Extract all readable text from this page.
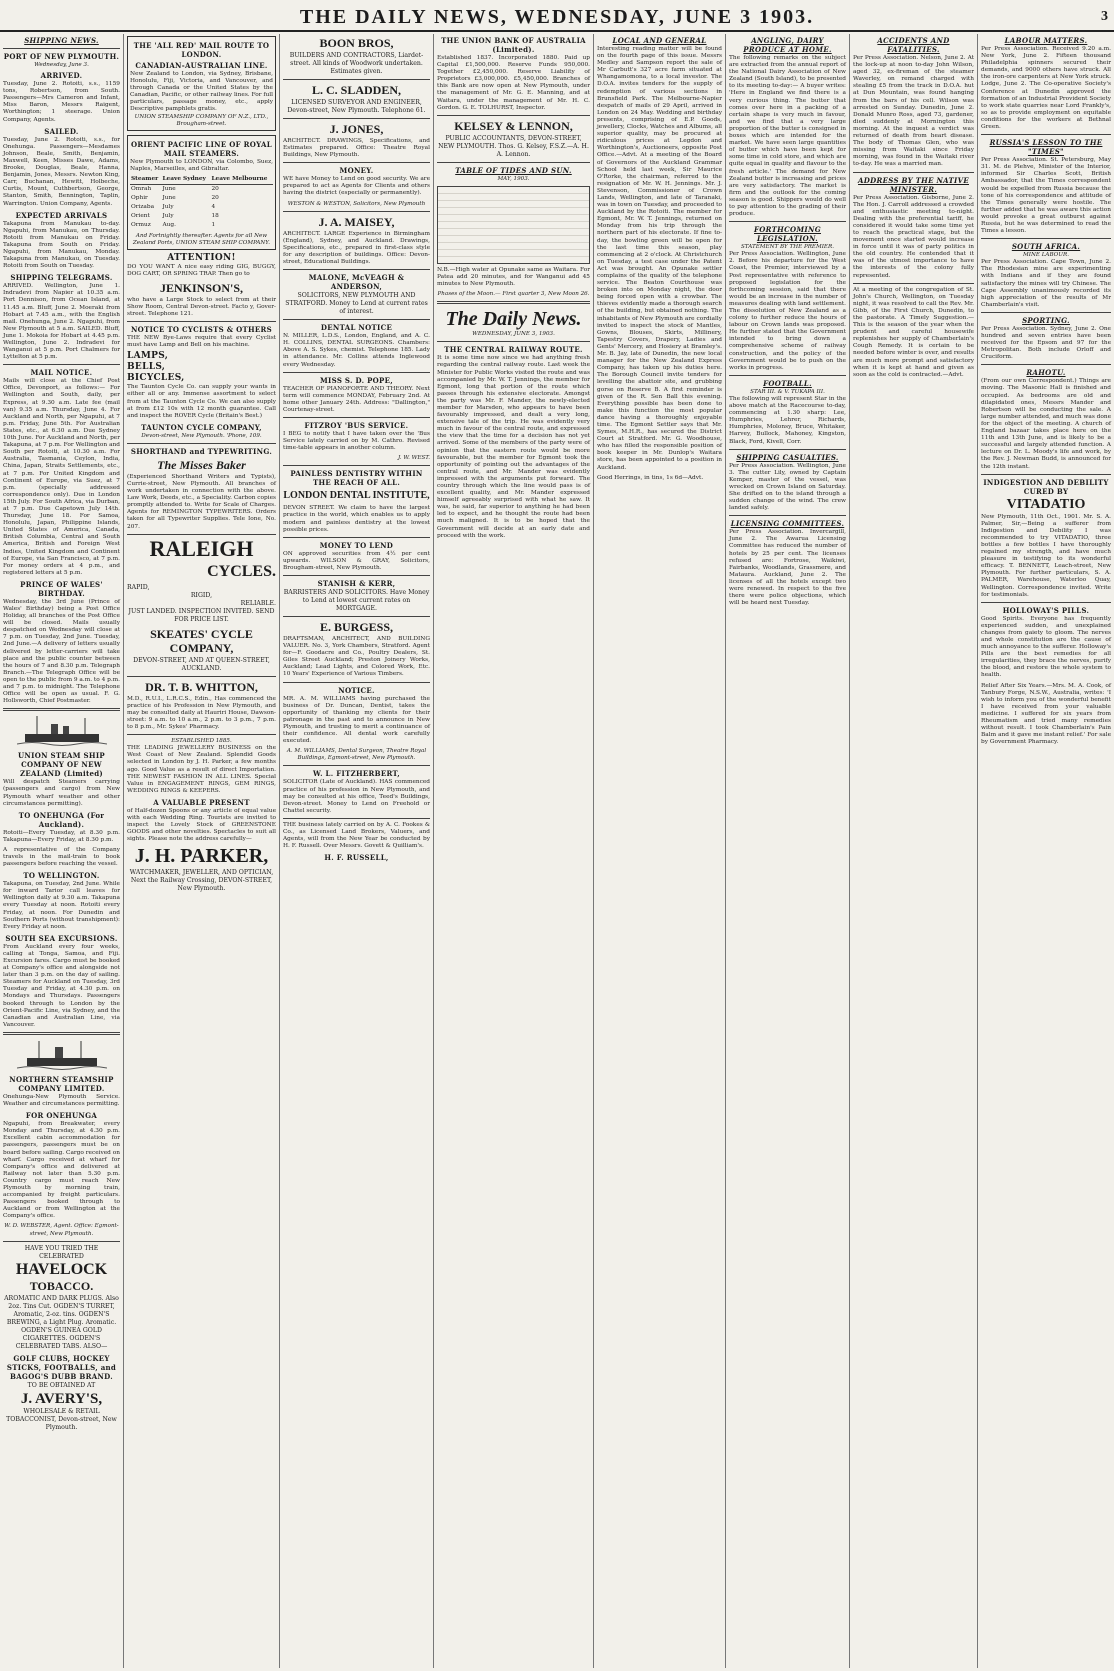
THE DAILY NEWS, WEDNESDAY, JUNE 3 1903.	3
SHIPPING NEWS.
PORT OF NEW PLYMOUTH.
Wednesday, June 3.
ARRIVED.
Tuesday, June 2. Rotoiti, s.s., 1159 tons, Robertson, from South. Passengers—Mrs Cameron and Infant, Miss Baron, Messrs Raigent, Worthington; 1 steerage. Union Company, Agents.
SAILED.
Tuesday, June 2. Rotoiti, s.s., for Onehunga. Passengers—Mesdames Johnson, Beale, Smith, Benjamin, Maxwell, Keen, Misses Dawe, Adams, Brooke, Douglas, Beale, Hanna, Benjamin, Jones, Messrs. Newton King, Carr, Buchanan, Hewitt, Holbeche, Curtis, Mount, Cuthbertson, George, Stanton, Smith, Bennington, Taplin, Warrington. Union Company, Agents.
EXPECTED ARRIVALS
Takapuna from Manukau to-day. Ngapuhi, from Manukau, on Thursday. Rotoiti from Manukau on Friday. Takapuna from South on Friday. Ngapuhi, from Manukau, Monday. Takapuna from Manukau, on Tuesday. Rotoiti from South on Tuesday.
SHIPPING TELEGRAMS.
ARRIVED. Wellington, June 1. Indradevi from Napier at 10.35 a.m. Port Dennison, from Ocean Island, at 11.45 a.m. Bluff, June 2. Moeraki from Hobart at 7.45 a.m., with the English mail. Onehunga, June 2. Ngapuhi, from New Plymouth at 5 a.m. SAILED. Bluff, June 1. Mokoia for Hobart at 4.45 p.m. Wellington, June 2. Indradevi for Wanganui at 5 p.m. Port Chalmers for Lyttelton at 5 p.m.
MAIL NOTICE.
Mails will close at the Chief Post Office, Devonport, as follows:— For Wellington and South, daily, per Express, at 9.30 a.m. Late fee (mail van) 9.35 a.m. Thursday, June 4. For Auckland and North, per Ngapuhi, at 7 p.m. Friday, June 5th. For Australian States, etc., at 6.30 a.m. Due Sydney 10th June. For Auckland and North, per Takapuna, at 7 p.m. For Wellington and South per Rotoiti, at 10.30 a.m. For Australia, Tasmania, Ceylon, India, China, Japan, Straits Settlements, etc., at 7 p.m. For United Kingdom and Continent of Europe, via Suez, at 7 p.m. (specially addressed correspondence only). Due in London 15th July. For South Africa, via Durban, at 7 p.m. Due Capetown July 14th. Thursday, June 18. For Samoa, Honolulu, Japan, Philippine Islands, United States of America, Canada, British Columbia, Central and South America, British and Foreign West Indies, United Kingdom and Continent of Europe, via San Francisco, at 7 p.m. For money orders at 4 p.m., and registered letters at 5 p.m.
PRINCE OF WALES' BIRTHDAY.
Wednesday, the 3rd June (Prince of Wales' Birthday) being a Post Office Holiday, all branches of the Post Office will be closed. Mails usually despatched on Wednesday will close at 7 p.m. on Tuesday, 2nd June. Tuesday, 2nd June.—A delivery of letters usually delivered by letter-carriers will take place and the public counter between the hours of 7 and 8.30 p.m. Telegraph Branch.—The Telegraph Office will be open to the public from 9 a.m. to 4 p.m. and 7 p.m. to midnight. The Telephone Office will be open as usual. F. G. Hollsworth, Chief Postmaster.
UNION STEAM SHIP COMPANY OF NEW ZEALAND (Limited)
Will despatch Steamers carrying (passengers and cargo) from New Plymouth wharf weather and other circumstances permitting).
TO ONEHUNGA (For Auckland).
Rotoiti—Every Tuesday, at 8.30 p.m. Takapuna—Every Friday, at 8.30 p.m.
A representative of the Company travels in the mail-train to book passengers before reaching the vessel.
TO WELLINGTON.
Takapuna, on Tuesday, 2nd June. While for inward Tarior call leaves for Wellington daily at 9.30 a.m. Takapuna every Tuesday at noon. Rotoiti every Friday, at noon. For Dunedin and Southern Ports (without transhipment): Every Friday at noon.
SOUTH SEA EXCURSIONS.
From Auckland every four weeks, calling at Tonga, Samoa, and Fiji. Excursion fares. Cargo must be booked at Company's office and alongside not later than 3 p.m. on the day of sailing. Steamers for Auckland on Tuesday, 3rd Tuesday and Friday, at 4.30 p.m. on Mondays and Thursdays. Passengers booked through to London by the Orient-Pacific Line, via Sydney, and the Canadian and Australian Line, via Vancouver.
NORTHERN STEAMSHIP COMPANY LIMITED.
Onehunga-New Plymouth Service. Weather and circumstances permitting.
FOR ONEHUNGA
Ngapuhi, from Breakwater, every Monday and Thursday, at 4.30 p.m. Excellent cabin accommodation for passengers, passengers must be on board before sailing. Cargo received on wharf. Cargo received at wharf for Company's office and delivered at Railway not later than 5.30 p.m. Country cargo must reach New Plymouth by morning train, accompanied by freight particulars. Passengers booked through to Auckland or from Wellington at the Company's office.
W. D. WEBSTER, Agent. Office: Egmont-street, New Plymouth.
HAVE YOU TRIED THE CELEBRATED
HAVELOCK
TOBACCO.
AROMATIC AND DARK PLUGS. Also 2oz. Tins Cut. OGDEN'S TURRET, Aromatic, 2-oz. tins. OGDEN'S BREWING, a Light Plug. Aromatic. OGDEN'S GUINEA GOLD CIGARETTES. OGDEN'S CELEBRATED TABS. ALSO—
GOLF CLUBS, HOCKEY STICKS, FOOTBALLS, and BAGOG'S DUBB BRAND.
TO BE OBTAINED AT
J. AVERY'S,
WHOLESALE & RETAIL TOBACCONIST, Devon-street, New Plymouth.
THE 'ALL RED' MAIL ROUTE TO LONDON.
CANADIAN-AUSTRALIAN LINE.
New Zealand to London, via Sydney, Brisbane, Honolulu, Fiji, Victoria, and Vancouver, and through Canada or the United States by the Canadian, Pacific, or other railway lines. For full particulars, passage money, etc., apply Descriptive pamphlets gratis.
UNION STEAMSHIP COMPANY OF N.Z., LTD., Brougham-street.
ORIENT PACIFIC LINE OF ROYAL MAIL STEAMERS.
New Plymouth to LONDON, via Colombo, Suez, Naples, Marseilles, and Gibraltar.
Steamer	Leave Sydney	Leave Melbourne
Omrah	June	20
Ophir	June	20
Orizaba	July	4
Orient	July	18
Ormuz	Aug.	1
And Fortnightly thereafter. Agents for all New Zealand Ports, UNION STEAM SHIP COMPANY.
ATTENTION!
DO YOU WANT A nice easy riding GIG, BUGGY, DOG CART, OR SPRING TRAP. Then go to
JENKINSON'S,
who have a Large Stock to select from at their Show Room, Central Devon-street. Facto y, Gover-street. Telephone 121.
NOTICE TO CYCLISTS & OTHERS
THE NEW Bye-Laws require that every Cyclist must have Lamp and Bell on his machine.
LAMPS,
BELLS,
BICYCLES,
The Taunton Cycle Co. can supply your wants in either all or any. Immense assortment to select from at the Taunton Cycle Co. We can also supply at from £12 10s with 12 month guarantee. Call and inspect the ROVER Cycle (Britain's Best.)
TAUNTON CYCLE COMPANY,
Devon-street, New Plymouth. 'Phone, 109.
SHORTHAND and TYPEWRITING.
The Misses Baker
(Experienced Shorthand Writers and Typists), Currie-street, New Plymouth. All branches of work undertaken in connection with the above. Law Work, Deeds, etc., a Speciality. Carbon copies promptly attended to. Write for Scale of Charges. Agents for REMINGTON TYPEWRITERS. Orders taken for all Typewriter Supplies. Tele Ione, No. 207.
RALEIGH
CYCLES.
RAPID,
RIGID,
RELIABLE.
JUST LANDED. INSPECTION INVITED. SEND FOR PRICE LIST.
SKEATES' CYCLE COMPANY,
DEVON-STREET, AND AT QUEEN-STREET, AUCKLAND.
DR. T. B. WHITTON,
M.D., R.U.I., L.R.C.S., Edin., Has commenced the practice of his Profession in New Plymouth, and may be consulted daily at Hauriri House, Dawson-street: 9 a.m. to 10 a.m., 2 p.m. to 3 p.m., 7 p.m. to 8 p.m., Mr. Sykes' Pharmacy.
ESTABLISHED 1885.
THE LEADING JEWELLERY BUSINESS on the West Coast of New Zealand. Splendid Goods selected in London by J. H. Parker, a few months ago. Good Value as a result of direct Importation. THE NEWEST FASHION IN ALL LINES. Special Value in ENGAGEMENT RINGS, GEM RINGS, WEDDING RINGS & KEEPERS.
A VALUABLE PRESENT
of Half-dozen Spoons or any article of equal value with each Wedding Ring. Tourists are invited to inspect the Lovely Stock of GREENSTONE GOODS and other novelties. Spectacles to suit all sights. Please note the address carefully—
J. H. PARKER,
WATCHMAKER, JEWELLER, AND OPTICIAN, Next the Railway Crossing, DEVON-STREET, New Plymouth.
BOON BROS,
BUILDERS AND CONTRACTORS, Liardet-street. All kinds of Woodwork undertaken. Estimates given.
L. C. SLADDEN,
LICENSED SURVEYOR AND ENGINEER, Devon-street, New Plymouth. Telephone 61.
J. JONES,
ARCHITECT. DRAWINGS, Specifications, and Estimates prepared. Office: Theatre Royal Buildings, New Plymouth.
MONEY.
WE have Money to Lend on good security. We are prepared to act as Agents for Clients and others having the district (especially or permanently).
WESTON & WESTON, Solicitors, New Plymouth
J. A. MAISEY,
ARCHITECT. LARGE Experience in Birmingham (England), Sydney, and Auckland. Drawings, Specifications, etc., prepared in first-class style for any description of buildings. Office: Devon-street, Educational Buildings.
MALONE, McVEAGH & ANDERSON,
SOLICITORS, NEW PLYMOUTH AND STRATFORD. Money to Lend at current rates of interest.
DENTAL NOTICE
N. MILLER, L.D.S., London, England, and A. C. H. COLLINS, DENTAL SURGEONS. Chambers: Above A. S. Sykes, chemist. Telephone 185. Lady in attendance. Mr. Collins attends Inglewood every Wednesday.
MISS S. D. POPE,
TEACHER OF PIANOFORTE AND THEORY. Next term will commence MONDAY, February 2nd. At home other January 24th. Address: "Dallington," Courtenay-street.
FITZROY 'BUS SERVICE.
I BEG to notify that I have taken over the 'Bus Service lately carried on by M. Cathro. Revised time-table appears in another column.
J. W. WEST.
PAINLESS DENTISTRY WITHIN THE REACH OF ALL.
LONDON DENTAL INSTITUTE,
DEVON STREET. We claim to have the largest practice in the world, which enables us to apply modern and painless dentistry at the lowest possible prices.
MONEY TO LEND
ON approved securities from 4½ per cent upwards. WILSON & GRAY, Solicitors, Brougham-street, New Plymouth.
STANISH & KERR,
BARRISTERS AND SOLICITORS. Have Money to Lend at lowest current rates on MORTGAGE.
E. BURGESS,
DRAFTSMAN, ARCHITECT, AND BUILDING VALUER. No. 3, York Chambers, Stratford. Agent for—F. Goodacre and Co., Poultry Dealers, St. Giles Street Auckland; Preston Joinery Works, Auckland; Lead Lights, and Colored Work, Etc. 10 Years' Experience of Various Timbers.
NOTICE.
MR. A. M. WILLIAMS having purchased the business of Dr. Duncan, Dentist, takes the opportunity of thanking my clients for their patronage in the past and to announce in New Plymouth, and trusting to merit a continuance of their confidence. All dental work carefully executed.
A. M. WILLIAMS, Dental Surgeon, Theatre Royal Buildings, Egmont-street, New Plymouth.
W. L. FITZHERBERT,
SOLICITOR (Late of Auckland). HAS commenced practice of his profession in New Plymouth, and may be consulted at his office, Teed's Buildings, Devon-street. Money to Lend on Freehold or Chattel security.
THE business lately carried on by A. C. Fookes & Co., as Licensed Land Brokers, Valuers, and Agents, will from the New Year be conducted by H. F. Russell. Over Messrs. Govett & Quilliam's.
H. F. RUSSELL,
THE UNION BANK OF AUSTRALIA (Limited).
Established 1837. Incorporated 1880. Paid up Capital £1,500,000. Reserve Funds 950,000. Together £2,450,000. Reserve Liability of Proprietors £3,000,000. £5,450,000. Branches of this Bank are now open at New Plymouth, under the management of Mr. G. E. Manning, and at Waitara, under the management of Mr. H. C. Gordon. G. E. TOLHURST, Inspector.
KELSEY & LENNON,
PUBLIC ACCOUNTANTS, DEVON-STREET, NEW PLYMOUTH. Thos. G. Kelsey, F.S.Z.—A. H. A. Lennon.
TABLE OF TIDES AND SUN.
MAY, 1903.
N.B.—High water at Opunake same as Waitara. For Patea add 20 minutes, and for Wanganui add 45 minutes to New Plymouth.
Phases of the Moon.— First quarter 3, New Moon 26.
The Daily News.
WEDNESDAY, JUNE 3, 1903.
THE CENTRAL RAILWAY ROUTE.
It is some time now since we had anything fresh regarding the central railway route. Last week the Minister for Public Works visited the route and was accompanied by Mr. W. T. Jennings, the member for Egmont, long that portion of the route which passes through his extensive electorate. Amongst the party was Mr. F. Mander, the newly-elected member for Marsden, who appears to have been favourably impressed, and dealt a very long, extensive tale of the trip. He was evidently very much in favour of the central route, and expressed the view that the time for a decision has not yet arrived. Some of the members of the party were of opinion that the eastern route would be more favourable, but the member for Egmont took the opportunity of pointing out the advantages of the central route, and Mr. Mander was evidently impressed with the arguments put forward. The country through which the line would pass is of excellent quality, and Mr. Mander expressed himself agreeably surprised with what he saw. It was, he said, far superior to anything he had been led to expect, and he thought the route had been much maligned. It is to be hoped that the Government will decide at an early date and proceed with the work.
LOCAL AND GENERAL
Interesting reading matter will be found on the fourth page of this issue. Messrs Medley and Sampson report the sale of Mr Carbutt's 327 acre farm situated at Whangamomona, to a local investor. The D.O.A. invites tenders for the supply of redemption of various sections in Brunsfield Park. The Melbourne-Napier despatch of mails of 29 April, arrived in London on 24 May. Wedding and birthday presents, comprising of E.P. Goods, jewellery, Clocks, Watches and Albums, all superior quality, may be procured at ridiculous prices at Legdon and Worthington's, Auctioneers, opposite Post Office.—Advt. At a meeting of the Board of Governors of the Auckland Grammar School held last week, Sir Maurice O'Rorke, the chairman, referred to the resignation of Mr. W. H. Jennings. Mr. J. Stevenson, Commissioner of Crown Lands, Wellington, and late of Taranaki, was in town on Tuesday, and proceeded to Auckland by the Rotoiti. The member for Egmont, Mr. W. T. Jennings, returned on Monday from his trip through the northern part of his electorate. If fine to-day, the bowling green will be open for the last time this season, play commencing at 2 o'clock. At Christchurch on Tuesday, a test case under the Patent Act was brought. An Opunake settler complains of the quality of the telephone service. The Beaton Courthouse was broken into on Monday night, the door being forced open with a crowbar. The thieves evidently made a thorough search of the building, but obtained nothing. The inhabitants of New Plymouth are cordially invited to inspect the stock of Mantles, Gowns, Blouses, Skirts, Millinery, Tapestry Covers, Drapery, Ladies and Gents' Mercery, and Hosiery at Bramley's. Mr. B. Jay, late of Dunedin, the new local manager for the New Zealand Express Company, has taken up his duties here. The Borough Council invite tenders for levelling the abattoir site, and grubbing gorse on Reserve B. A first reminder is given of the R. Sen Ball this evening. Everything possible has been done to make this function the most popular dance having a thoroughly enjoyable time. The Egmont Settler says that Mr. Symes, M.H.R., has secured the District Court at Stratford. Mr. G. Woodhouse, who has filled the responsible position of book keeper in Mr. Dunlop's Waitara store, has been appointed to a position in Auckland.
Good Herrings, in tins, 1s 6d—Advt.
ANGLING, DAIRY PRODUCE AT HOME.
The following remarks on the subject are extracted from the annual report of the National Dairy Association of New Zealand (South Island), to be presented to its meeting to-day:— A buyer writes: 'Here in England we find there is a very curious thing. The butter that comes over here in a packing of a certain shape is very much in favour, and we find that a very large proportion of the butter is consigned in boxes which are intended for the market. We have seen large quantities of butter which have been kept for some time in cold store, and which are quite equal in quality and flavour to the fresh article.' The demand for New Zealand butter is increasing and prices are very satisfactory. The market is firm and the outlook for the coming season is good. Shippers would do well to pay attention to the grading of their produce.
FORTHCOMING LEGISLATION.
STATEMENT BY THE PREMIER.
Per Press Association. Wellington, June 2. Before his departure for the West Coast, the Premier, interviewed by a Post representative with reference to proposed legislation for the forthcoming session, said that there would be an increase in the number of measures dealing with land settlement. The dissolution of New Zealand as a colony to further reduce the hours of labour on Crown lands was proposed. He further stated that the Government intended to bring down a comprehensive scheme of railway construction, and the policy of the Government would be to push on the works in progress.
FOOTBALL.
STAR III. & V. TUKAPA III.
The following will represent Star in the above match at the Racecourse to-day, commencing at 1.30 sharp: Lee, Humphries, Lehrer, Richards, Humphries, Molonsy, Bruce, Whitaker, Harvey, Bullock, Mahoney, Kingston, Black, Ford, Kivell, Corr.
SHIPPING CASUALTIES.
Per Press Association. Wellington, June 3. The cutter Lily, owned by Captain Kemper, master of the vessel, was wrecked on Crown Island on Saturday. She drifted on to the island through a sudden change of the wind. The crew landed safely.
LICENSING COMMITTEES.
Per Press Association. Invercargill, June 2. The Awarua Licensing Committee has reduced the number of hotels by 25 per cent. The licenses refused are: Fortrose, Waikiwi, Fairbanks, Woodlands, Grassmere, and Mataura. Auckland, June 2. The licenses of all the hotels except two were renewed. In respect to the five there were police objections, which will be heard next Tuesday.
ACCIDENTS AND FATALITIES.
Per Press Association. Nelson, June 2. At the lock-up at noon to-day John Wilson, aged 32, ex-fireman of the steamer Waverley, on remand charged with stealing £5 from the track in D.O.A. hut at Dun Mountain, was found hanging from the bars of his cell. Wilson was arrested on Sunday. Dunedin, June 2. Donald Munro Ross, aged 73, gardener, died suddenly at Mornington this morning. At the inquest a verdict was returned of death from heart disease. The body of Thomas Glen, who was missing from Waitaki since Friday morning, was found in the Waitaki river to-day. He was a married man.
ADDRESS BY THE NATIVE MINISTER.
Per Press Association. Gisborne, June 2. The Hon. J. Carroll addressed a crowded and enthusiastic meeting to-night. Dealing with the preferential tariff, he considered it would take some time yet to reach the practical stage, but the movement once started would increase in force until it was of party politics in the old country. He contended that it was of the utmost importance to have the interests of the colony fully represented.
At a meeting of the congregation of St. John's Church, Wellington, on Tuesday night, it was resolved to call the Rev. Mr. Gibb, of the First Church, Dunedin, to the pastorate. A Timely Suggestion.—This is the season of the year when the prudent and careful housewife replenishes her supply of Chamberlain's Cough Remedy. It is certain to be needed before winter is over, and results are much more prompt and satisfactory when it is kept at hand and given as soon as the cold is contracted.—Advt.
LABOUR MATTERS.
Per Press Association. Received 9.20 a.m. New York, June 2. Fifteen thousand Philadelphia spinners secured their demands, and 9000 others have struck. All the iron-ore carpenters at New York struck. Lodge, June 2. The Co-operative Society's Conference at Dunedin approved the formation of an Industrial Provident Society to work state quarries near Lord Frankly's, so as to provide employment on equitable conditions for the workers at Bethnal Green.
RUSSIA'S LESSON TO THE "TIMES"
Per Press Association. St. Petersburg, May 31. M. de Plehve, Minister of the Interior, informed Sir Charles Scott, British Ambassador, that the Times correspondent would be expelled from Russia because the tone of his correspondence and attitude of the Times generally were hostile. The further added that he was aware this action would provoke a great outburst against Russia, but he was determined to read the Times a lesson.
SOUTH AFRICA.
MINE LABOUR.
Per Press Association. Cape Town, June 2. The Rhodesian mine are experimenting with Indians and if they are found satisfactory the mines will try Chinese. The Cape Assembly unanimously recorded its high appreciation of the results of Mr Chamberlain's visit.
SPORTING.
Per Press Association. Sydney, June 2. One hundred and seven entries have been received for the Epsom and 97 for the Metropolitan. Both include Orloff and Cruciform.
RAHOTU.
(From our own Correspondent.) Things are moving. The Masonic Hall is finished and occupied. As bedrooms are old and dilapidated ones, Messrs Mander and Robertson will be conducting the sale. A large number attended, and much was done for the object of the meeting. A church of England bazaar takes place here on the 11th and 13th June, and is likely to be a successful and largely attended function. A lecture on Dr. L. Moody's life and work, by the Rev. J. Newman Budd, is announced for the 12th instant.
INDIGESTION AND DEBILITY CURED BY
VITADATIO
New Plymouth, 11th Oct., 1901. Mr. S. A. Palmer, Sir,—Being a sufferer from Indigestion and Debility I was recommended to try VITADATIO, three bottles a few bottles I have thoroughly regained my strength, and have much pleasure in testifying to its wonderful efficacy. T. BENNETT, Leach-street, New Plymouth. For further particulars, S. A. PALMER, Warehouse, Waterloo Quay, Wellington. Correspondence invited. Write for testimonials.
HOLLOWAY'S PILLS.
Good Spirits. Everyone has frequently experienced sudden, and unexplained changes from gaiety to gloom. The nerves and whole constitution are the cause of much annoyance to the sufferer. Holloway's Pills are the best remedies for all irregularities, they brace the nerves, purify the blood, and restore the whole system to health.
Relief After Six Years.—Mrs. M. A. Cook, of Tanbury Forge, N.S.W., Australia, writes: 'I wish to inform you of the wonderful benefit I have received from your valuable medicine. I suffered for six years from Rheumatism and tried many remedies without result. I took Chamberlain's Pain Balm and it gave me instant relief.' For sale by Government Pharmacy.
